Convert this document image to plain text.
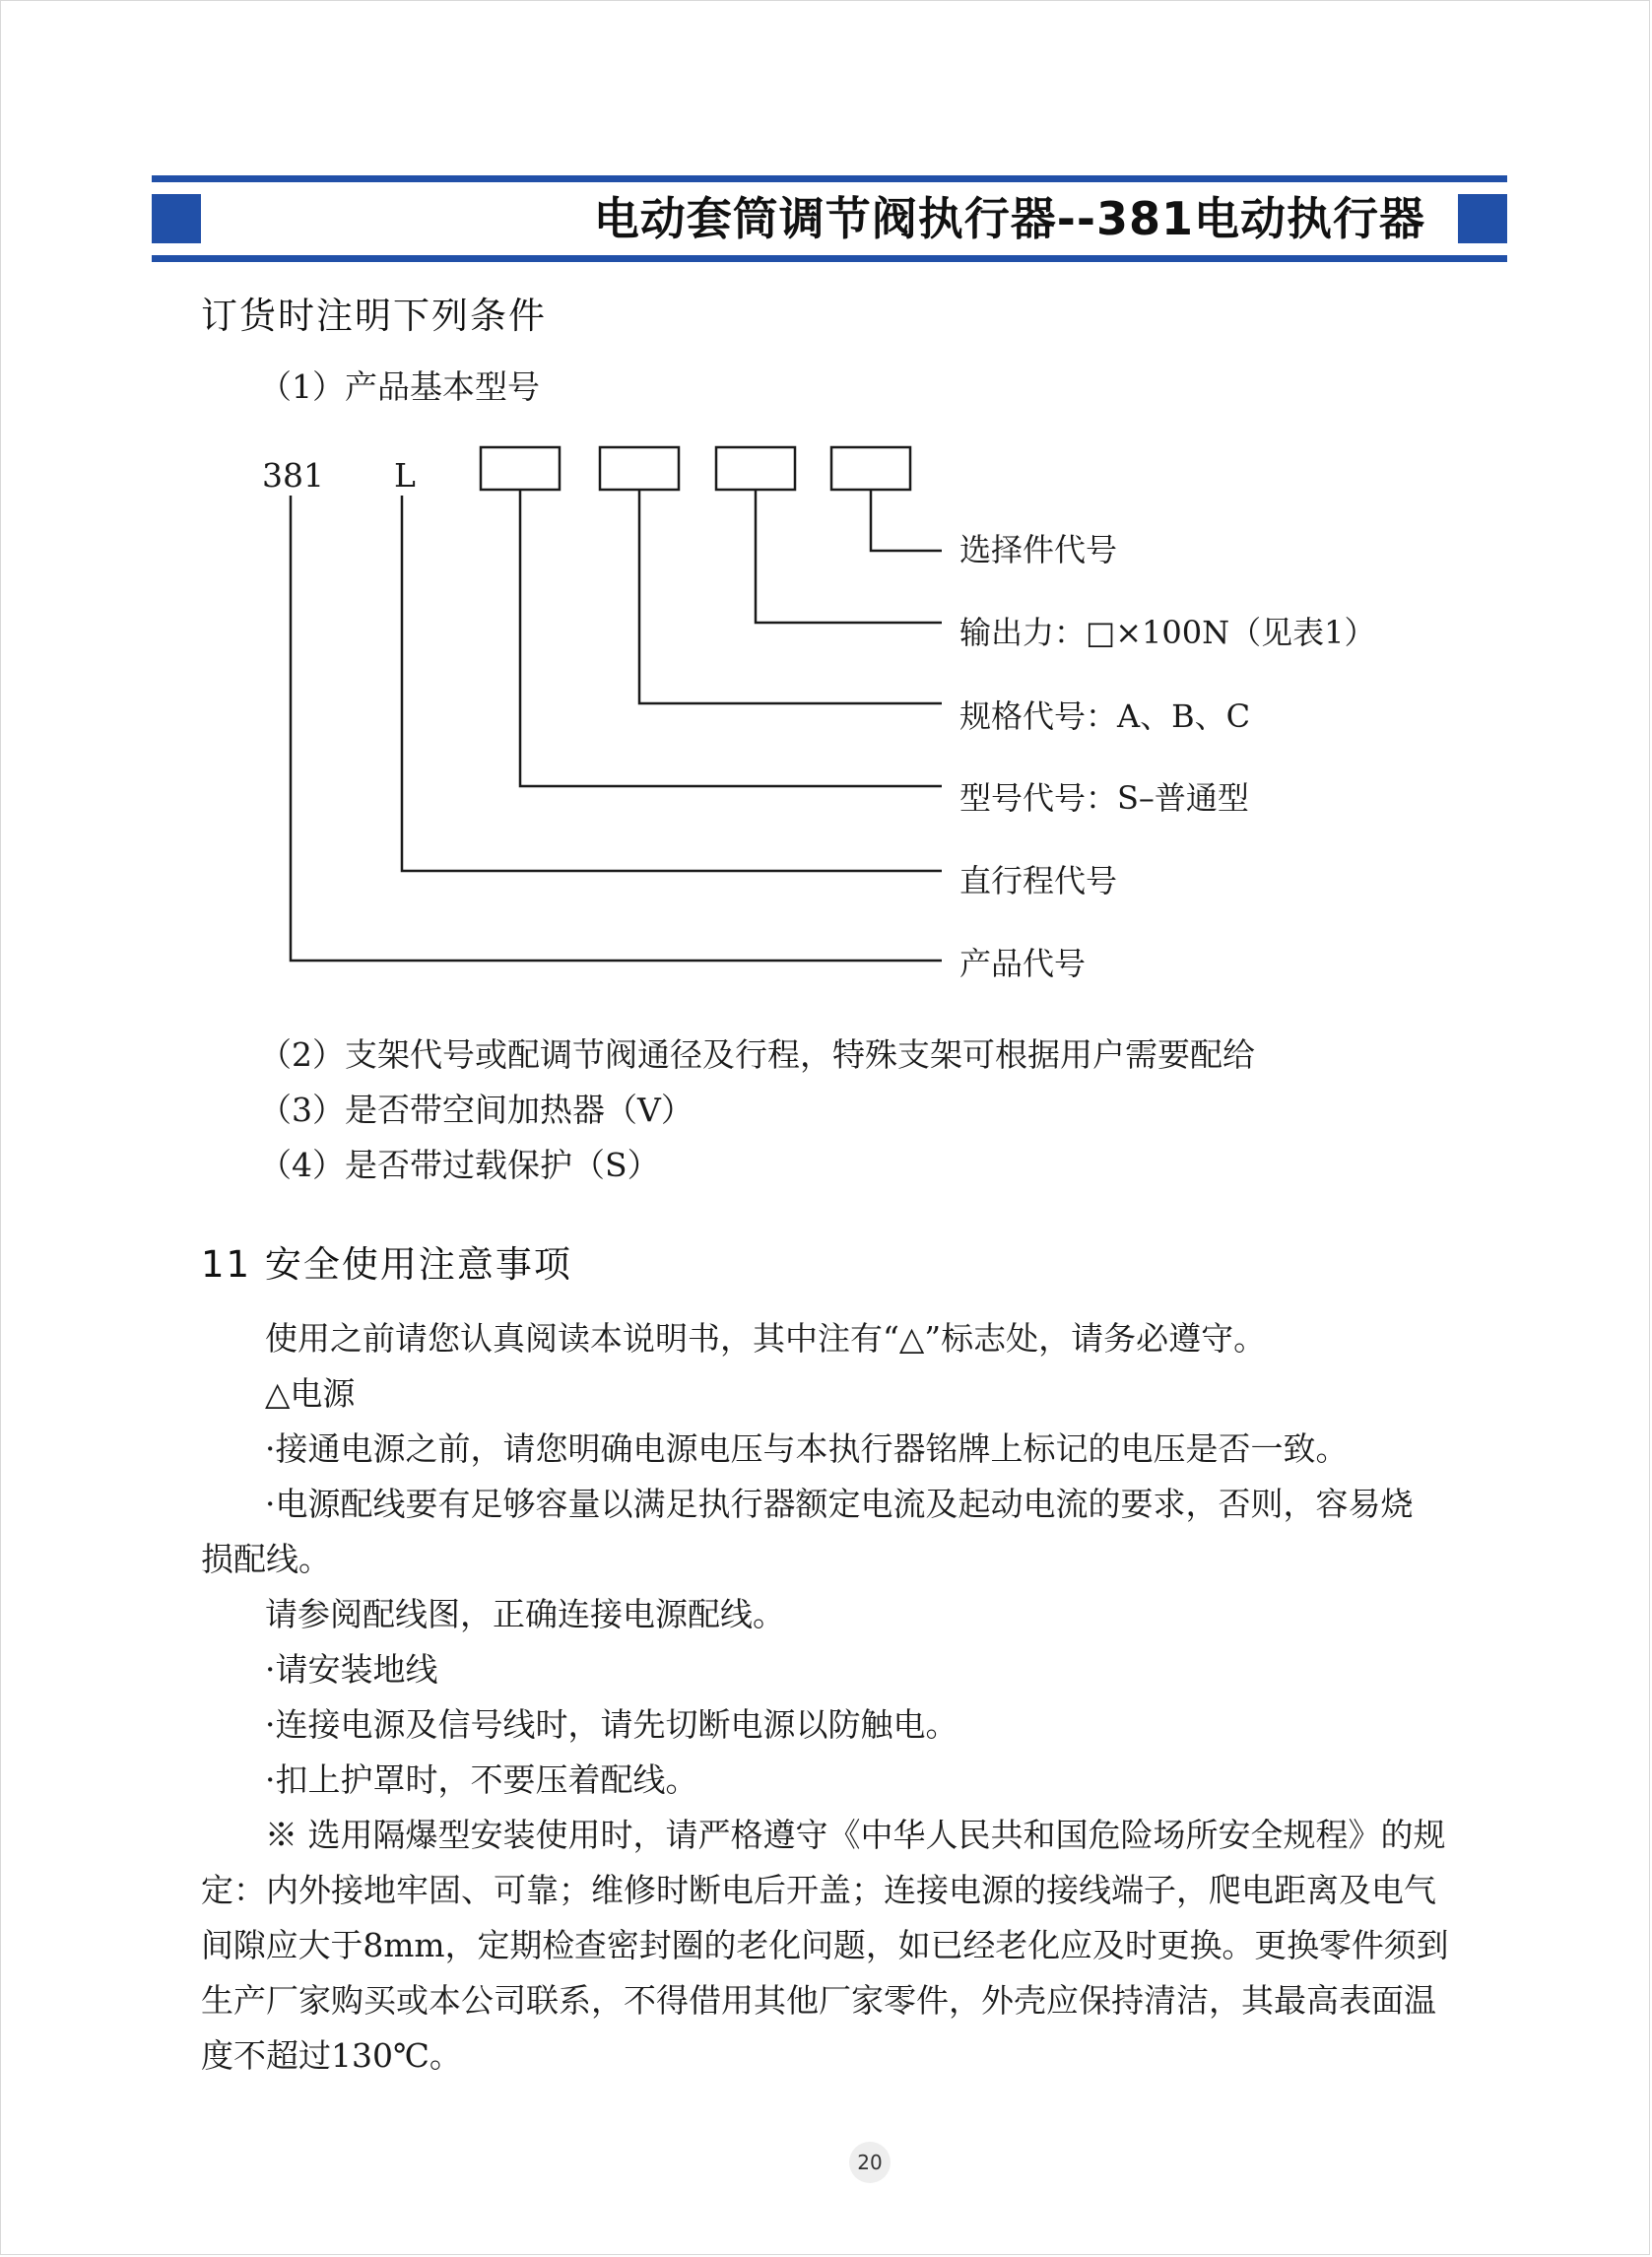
电动套筒调节阀执行器--381电动执行器
订货时注明下列条件
（1）产品基本型号
381 L
选择件代号
输出力：□×100N（见表1）
规格代号：A、B、C
型号代号：S–普通型
直行程代号
产品代号
（2）支架代号或配调节阀通径及行程，特殊支架可根据用户需要配给
（3）是否带空间加热器（V）
（4）是否带过载保护（S）
11 安全使用注意事项
使用之前请您认真阅读本说明书，其中注有“△”标志处，请务必遵守。
△电源
·接通电源之前，请您明确电源电压与本执行器铭牌上标记的电压是否一致。
·电源配线要有足够容量以满足执行器额定电流及起动电流的要求，否则，容易烧
损配线。
请参阅配线图，正确连接电源配线。
·请安装地线
·连接电源及信号线时，请先切断电源以防触电。
·扣上护罩时，不要压着配线。
※ 选用隔爆型安装使用时，请严格遵守《中华人民共和国危险场所安全规程》的规
定：内外接地牢固、可靠；维修时断电后开盖；连接电源的接线端子，爬电距离及电气
间隙应大于8mm，定期检查密封圈的老化问题，如已经老化应及时更换。更换零件须到
生产厂家购买或本公司联系，不得借用其他厂家零件，外壳应保持清洁，其最高表面温
度不超过130℃。
20
